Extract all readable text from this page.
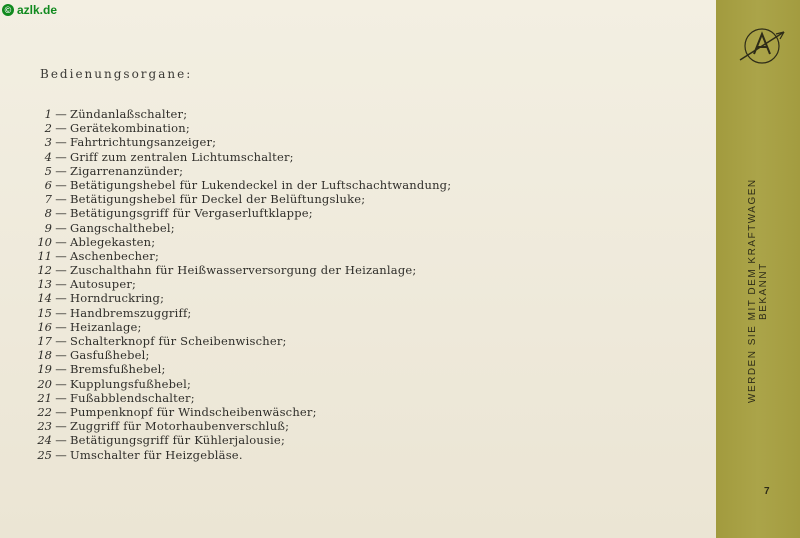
© azlk.de
Bedienungsorgane:
1 — Zündanlaßschalter;
2 — Gerätekombination;
3 — Fahrtrichtungsanzeiger;
4 — Griff zum zentralen Lichtumschalter;
5 — Zigarrenanzünder;
6 — Betätigungshebel für Lukendeckel in der Luftschachtwandung;
7 — Betätigungshebel für Deckel der Belüftungsluke;
8 — Betätigungsgriff für Vergaserluftklappe;
9 — Gangschalthebel;
10 — Ablegekasten;
11 — Aschenbecher;
12 — Zuschalthahn für Heißwasserversorgung der Heizanlage;
13 — Autosuper;
14 — Horndruckring;
15 — Handbremszuggriff;
16 — Heizanlage;
17 — Schalterknopf für Scheibenwischer;
18 — Gasfußhebel;
19 — Bremsfußhebel;
20 — Kupplungsfußhebel;
21 — Fußabblendschalter;
22 — Pumpenknopf für Windscheibenwäscher;
23 — Zuggriff für Motorhaubenverschluß;
24 — Betätigungsgriff für Kühlerjalousie;
25 — Umschalter für Heizgebläse.
WERDEN SIE MIT DEM KRAFTWAGEN BEKANNT
7
